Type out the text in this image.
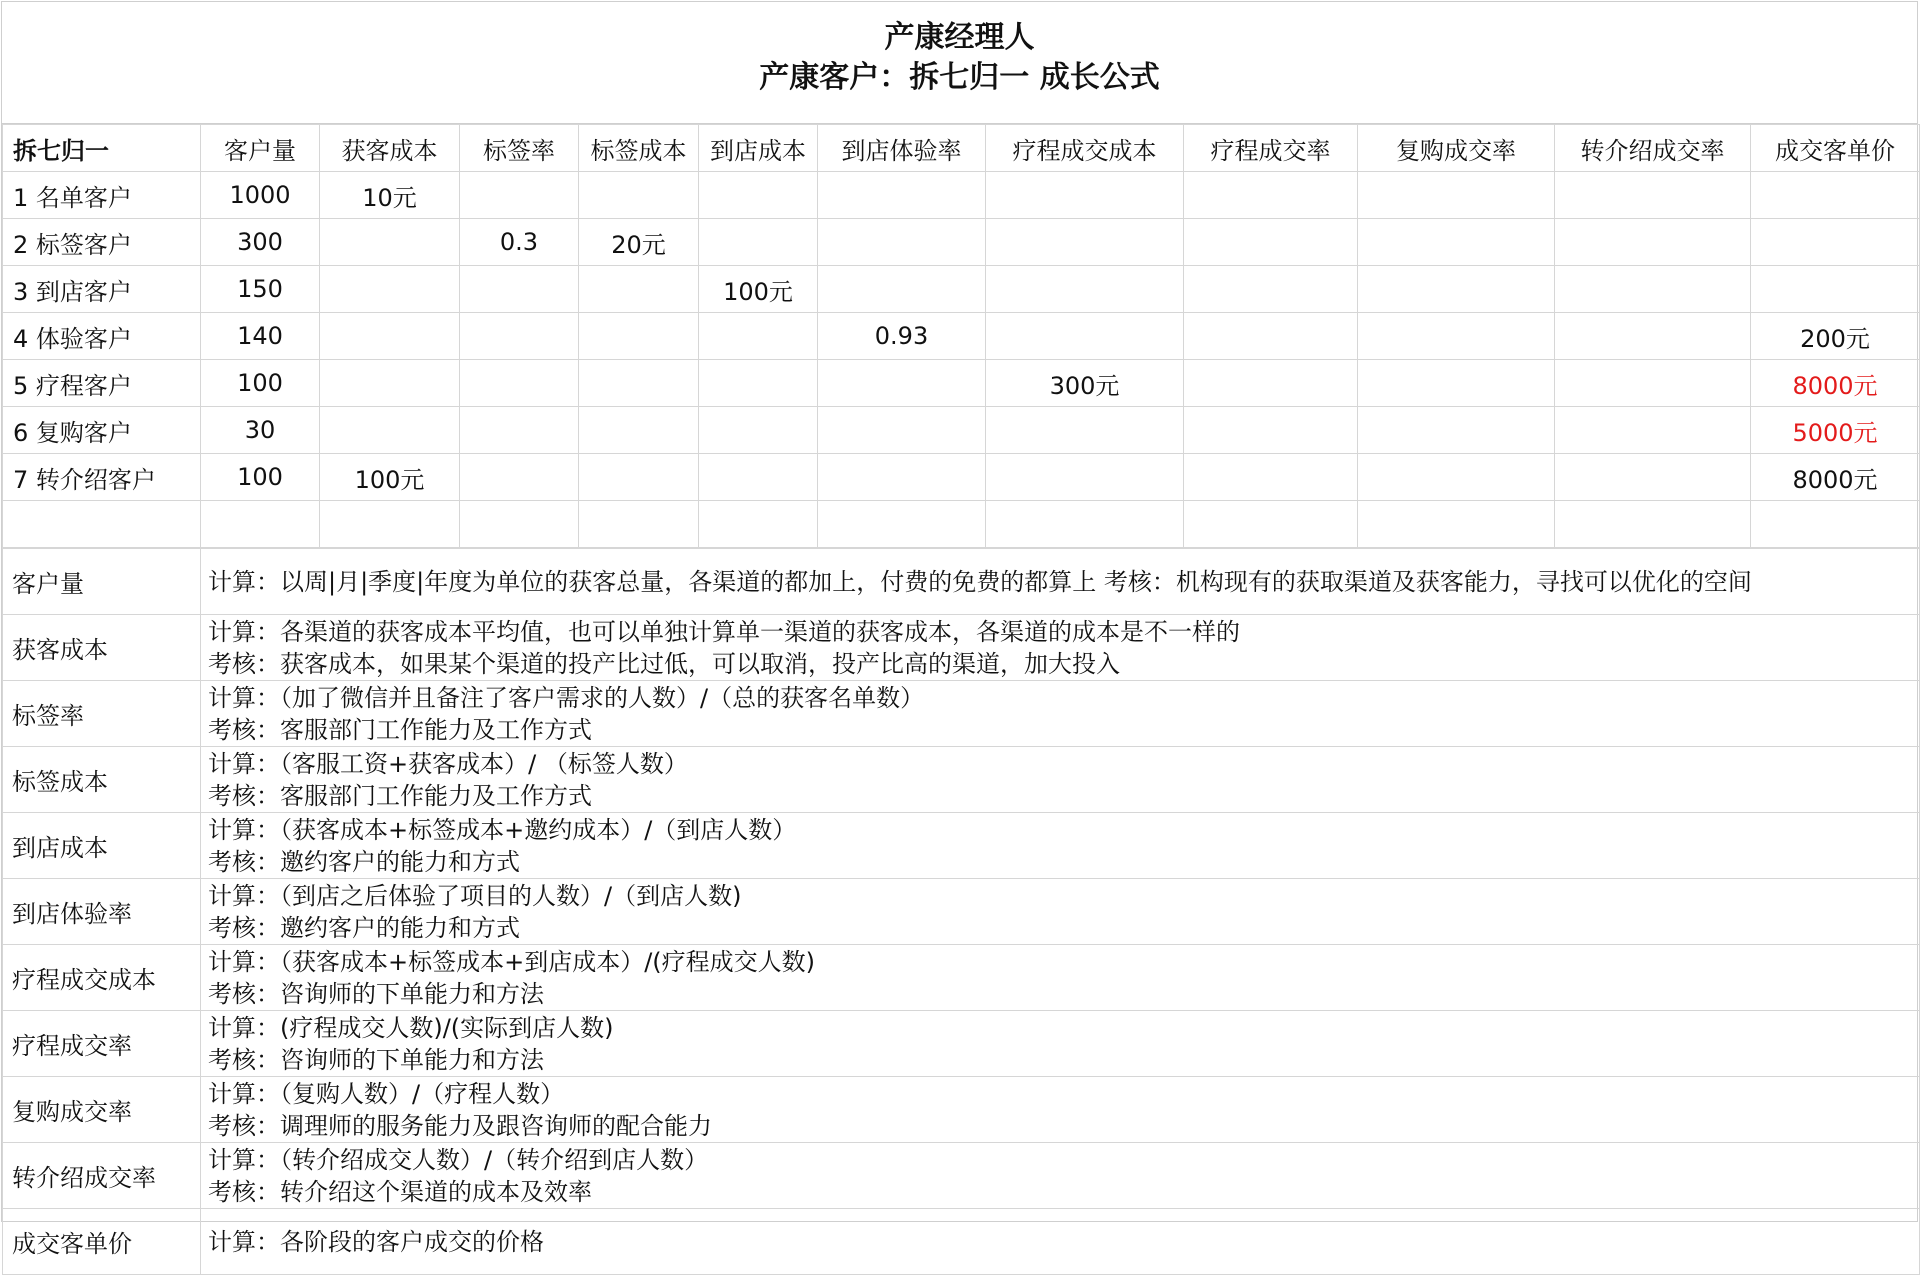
产康经理人
产康客户：拆七归一 成长公式
拆七归一	客户量	获客成本	标签率	标签成本	到店成本	到店体验率	疗程成交成本	疗程成交率	复购成交率	转介绍成交率	成交客单价
1 名单客户	1000	10元									
2 标签客户	300		0.3	20元							
3 到店客户	150				100元						
4 体验客户	140					0.93					200元
5 疗程客户	100						300元				8000元
6 复购客户	30										5000元
7 转介绍客户	100	100元									8000元

客户量	计算：以周|月|季度|年度为单位的获客总量，各渠道的都加上，付费的免费的都算上 考核：机构现有的获取渠道及获客能力，寻找可以优化的空间

获客成本	计算：各渠道的获客成本平均值，也可以单独计算单一渠道的获客成本，各渠道的成本是不一样的
考核：获客成本，如果某个渠道的投产比过低，可以取消，投产比高的渠道，加大投入

标签率	计算：（加了微信并且备注了客户需求的人数）/（总的获客名单数）
考核：客服部门工作能力及工作方式

标签成本	计算：（客服工资+获客成本）/ （标签人数）
考核：客服部门工作能力及工作方式

到店成本	计算：（获客成本+标签成本+邀约成本）/（到店人数）
考核：邀约客户的能力和方式

到店体验率	计算：（到店之后体验了项目的人数）/（到店人数)
考核：邀约客户的能力和方式

疗程成交成本	计算：（获客成本+标签成本+到店成本）/(疗程成交人数)
考核：咨询师的下单能力和方法

疗程成交率	计算：(疗程成交人数)/(实际到店人数)
考核：咨询师的下单能力和方法

复购成交率	计算：（复购人数）/（疗程人数）
考核：调理师的服务能力及跟咨询师的配合能力

转介绍成交率	计算：（转介绍成交人数）/（转介绍到店人数）
考核：转介绍这个渠道的成本及效率

成交客单价	计算：各阶段的客户成交的价格
